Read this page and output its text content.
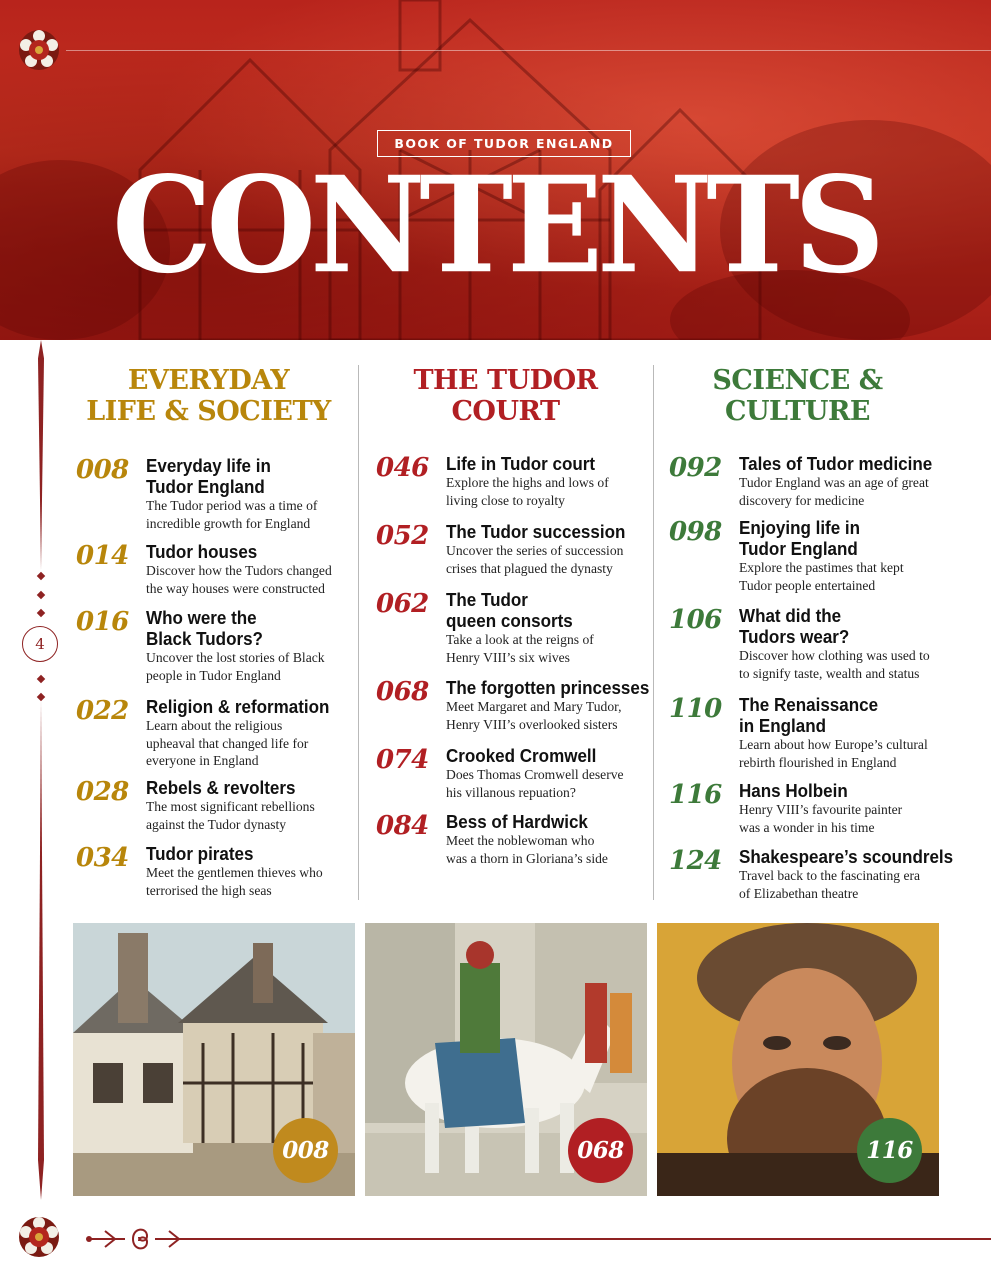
BOOK OF TUDOR ENGLAND
CONTENTS
4
EVERYDAY
LIFE & SOCIETY
THE TUDOR
COURT
SCIENCE &
CULTURE
008 Everyday life in
Tudor England
The Tudor period was a time of
incredible growth for England
014 Tudor houses
Discover how the Tudors changed
the way houses were constructed
016 Who were the
Black Tudors?
Uncover the lost stories of Black
people in Tudor England
022 Religion & reformation
Learn about the religious
upheaval that changed life for
everyone in England
028 Rebels & revolters
The most significant rebellions
against the Tudor dynasty
034 Tudor pirates
Meet the gentlemen thieves who
terrorised the high seas
046 Life in Tudor court
Explore the highs and lows of
living close to royalty
052 The Tudor succession
Uncover the series of succession
crises that plagued the dynasty
062 The Tudor
queen consorts
Take a look at the reigns of
Henry VIII’s six wives
068 The forgotten princesses
Meet Margaret and Mary Tudor,
Henry VIII’s overlooked sisters
074 Crooked Cromwell
Does Thomas Cromwell deserve
his villanous repuation?
084 Bess of Hardwick
Meet the noblewoman who
was a thorn in Gloriana’s side
092 Tales of Tudor medicine
Tudor England was an age of great
discovery for medicine
098 Enjoying life in
Tudor England
Explore the pastimes that kept
Tudor people entertained
106 What did the
Tudors wear?
Discover how clothing was used to
to signify taste, wealth and status
110 The Renaissance
in England
Learn about how Europe’s cultural
rebirth flourished in England
116 Hans Holbein
Henry VIII’s favourite painter
was a wonder in his time
124 Shakespeare’s scoundrels
Travel back to the fascinating era
of Elizabethan theatre
008	068	116
